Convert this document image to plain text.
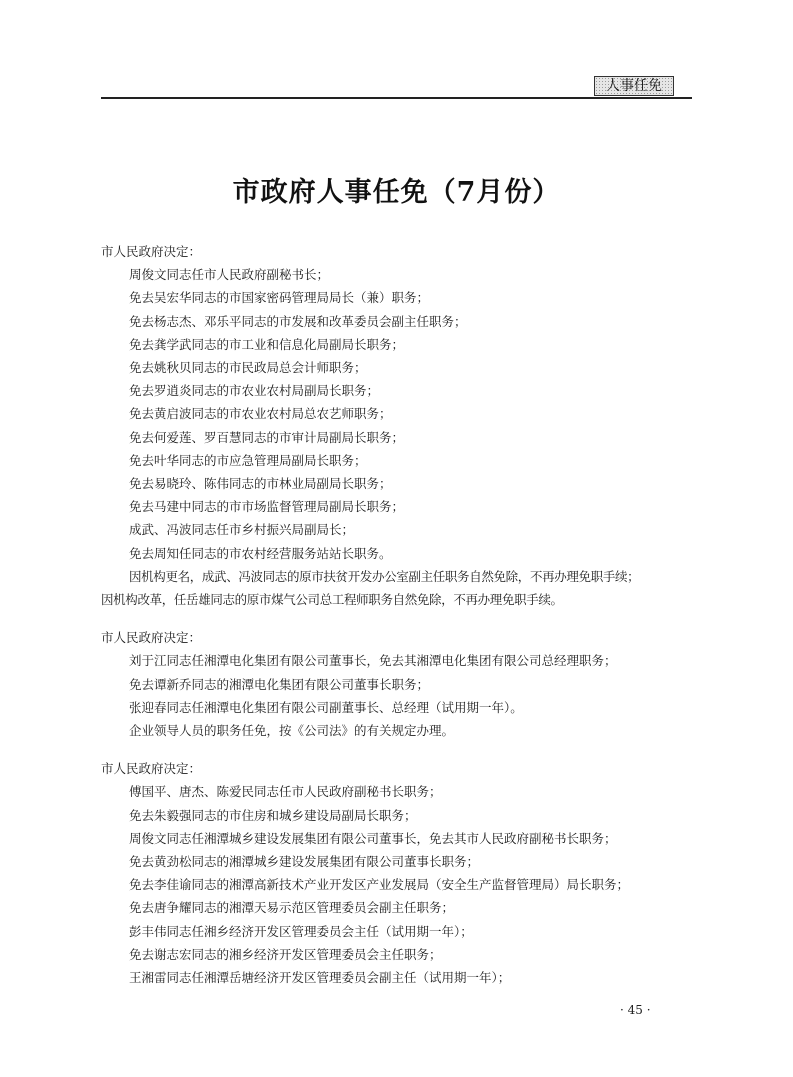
人事任免
市政府人事任免（7月份）
市人民政府决定：
周俊文同志任市人民政府副秘书长；
免去吴宏华同志的市国家密码管理局局长（兼）职务；
免去杨志杰、邓乐平同志的市发展和改革委员会副主任职务；
免去龚学武同志的市工业和信息化局副局长职务；
免去姚秋贝同志的市民政局总会计师职务；
免去罗逍炎同志的市农业农村局副局长职务；
免去黄启波同志的市农业农村局总农艺师职务；
免去何爱莲、罗百慧同志的市审计局副局长职务；
免去叶华同志的市应急管理局副局长职务；
免去易晓玲、陈伟同志的市林业局副局长职务；
免去马建中同志的市市场监督管理局副局长职务；
成武、冯波同志任市乡村振兴局副局长；
免去周知任同志的市农村经营服务站站长职务。
因机构更名，成武、冯波同志的原市扶贫开发办公室副主任职务自然免除，不再办理免职手续；
因机构改革，任岳雄同志的原市煤气公司总工程师职务自然免除，不再办理免职手续。
市人民政府决定：
刘于江同志任湘潭电化集团有限公司董事长，免去其湘潭电化集团有限公司总经理职务；
免去谭新乔同志的湘潭电化集团有限公司董事长职务；
张迎春同志任湘潭电化集团有限公司副董事长、总经理（试用期一年）。
企业领导人员的职务任免，按《公司法》的有关规定办理。
市人民政府决定：
傅国平、唐杰、陈爱民同志任市人民政府副秘书长职务；
免去朱毅强同志的市住房和城乡建设局副局长职务；
周俊文同志任湘潭城乡建设发展集团有限公司董事长，免去其市人民政府副秘书长职务；
免去黄劲松同志的湘潭城乡建设发展集团有限公司董事长职务；
免去李佳谕同志的湘潭高新技术产业开发区产业发展局（安全生产监督管理局）局长职务；
免去唐争耀同志的湘潭天易示范区管理委员会副主任职务；
彭丰伟同志任湘乡经济开发区管理委员会主任（试用期一年）；
免去谢志宏同志的湘乡经济开发区管理委员会主任职务；
王湘雷同志任湘潭岳塘经济开发区管理委员会副主任（试用期一年）；
· 45 ·
